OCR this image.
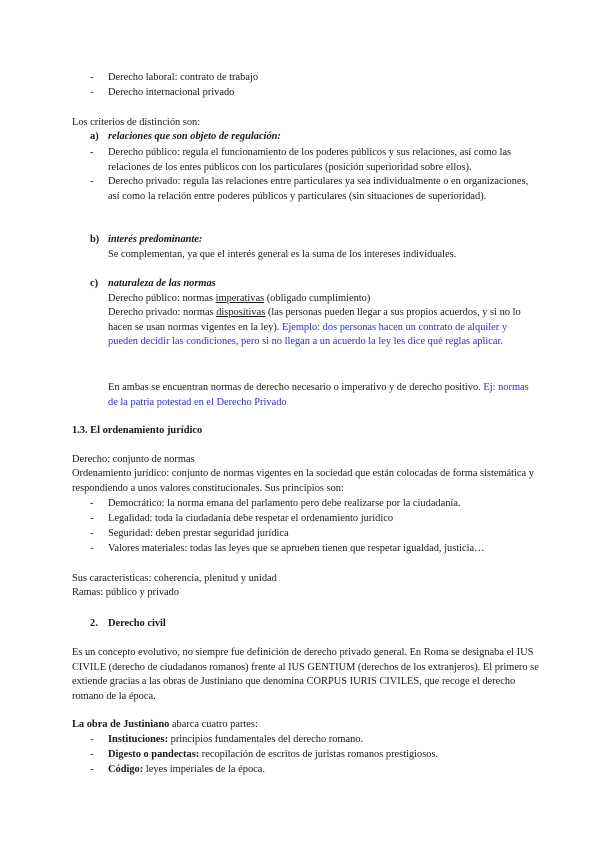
-	Derecho laboral: contrato de trabajo
-	Derecho internacional privado
Los criterios de distinción son:
a) relaciones que son objeto de regulación:
-	Derecho público: regula el funcionamiento de los poderes públicos y sus relaciones, así como las relaciones de los entes públicos con los particulares (posición superioridad sobre ellos).
-	Derecho privado: regula las relaciones entre particulares ya sea individualmente o en organizaciones, así como la relación entre poderes públicos y particulares (sin situaciones de superioridad).
b) interés predominante:
Se complementan, ya que el interés general es la suma de los intereses individuales.
c) naturaleza de las normas
Derecho público: normas imperativas (obligado cumplimiento)
Derecho privado: normas dispositivas (las personas pueden llegar a sus propios acuerdos, y si no lo hacen se usan normas vigentes en la ley). Ejemplo: dos personas hacen un contrato de alquiler y pueden decidir las condiciones, pero si no llegan a un acuerdo la ley les dice qué reglas aplicar.
En ambas se encuentran normas de derecho necesario o imperativo y de derecho positivo. Ej: normas de la patria potestad en el Derecho Privado
1.3. El ordenamiento jurídico
Derecho: conjunto de normas
Ordenamiento jurídico: conjunto de normas vigentes en la sociedad que están colocadas de forma sistemática y respondiendo a unos valores constitucionales. Sus principios son:
-	Democrático: la norma emana del parlamento pero debe realizarse por la ciudadanía.
-	Legalidad: toda la ciudadanía debe respetar el ordenamiento jurídico
-	Seguridad: deben prestar seguridad jurídica
-	Valores materiales: todas las leyes que se aprueben tienen que respetar igualdad, justicia…
Sus características: coherencia, plenitud y unidad
Ramas: público y privado
2. Derecho civil
Es un concepto evolutivo, no siempre fue definición de derecho privado general. En Roma se designaba el IUS CIVILE (derecho de ciudadanos romanos) frente al IUS GENTIUM (derechos de los extranjeros). El primero se extiende gracias a las obras de Justiniano que denomina CORPUS IURIS CIVILES, que recoge el derecho romano de la época.
La obra de Justiniano abarca cuatro partes:
-	Instituciones: principios fundamentales del derecho romano.
-	Digesto o pandectas: recopilación de escritos de juristas romanos prestigiosos.
-	Código: leyes imperiales de la época.
